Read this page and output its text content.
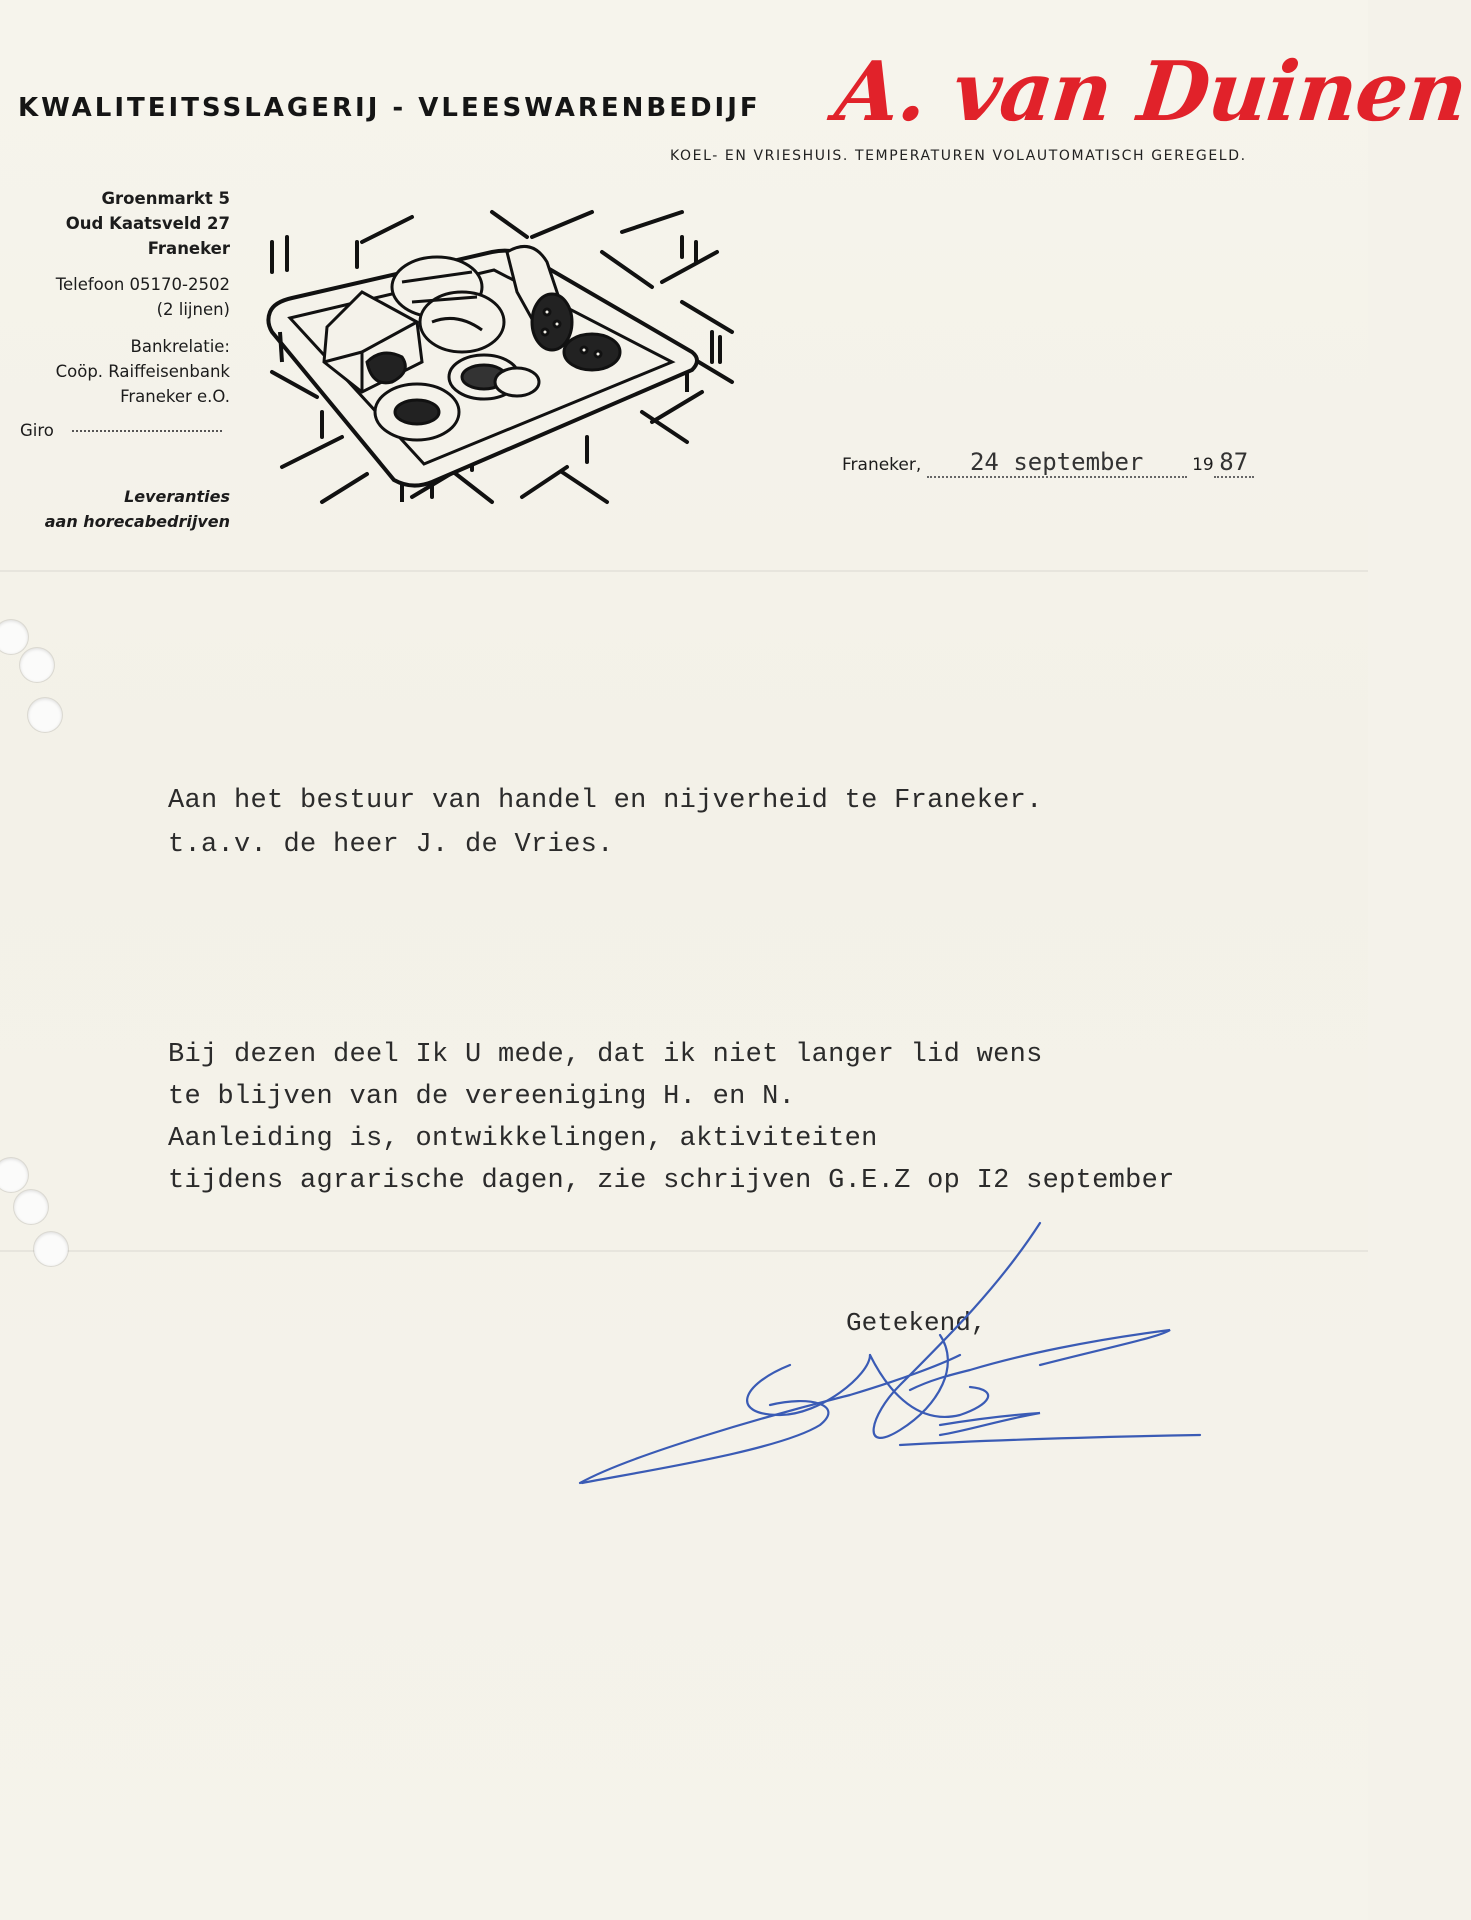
KWALITEITSSLAGERIJ - VLEESWARENBEDIJF A. van Duinen
KOEL- EN VRIESHUIS. TEMPERATUREN VOLAUTOMATISCH GEREGELD.
Groenmarkt 5
Oud Kaatsveld 27
Franeker
Telefoon 05170-2502
(2 lijnen)
Bankrelatie:
Coöp. Raiffeisenbank
Franeker e.O.
Giro
Leveranties
aan horecabedrijven
Franeker, 24 september	19 87
Aan het bestuur van handel en nijverheid te Franeker.
t.a.v. de heer J. de Vries.
Bij dezen deel Ik U mede, dat ik niet langer lid wens
te blijven van de vereeniging H. en N.
Aanleiding is, ontwikkelingen, aktiviteiten
tijdens agrarische dagen, zie schrijven G.E.Z op I2 september
Getekend,
